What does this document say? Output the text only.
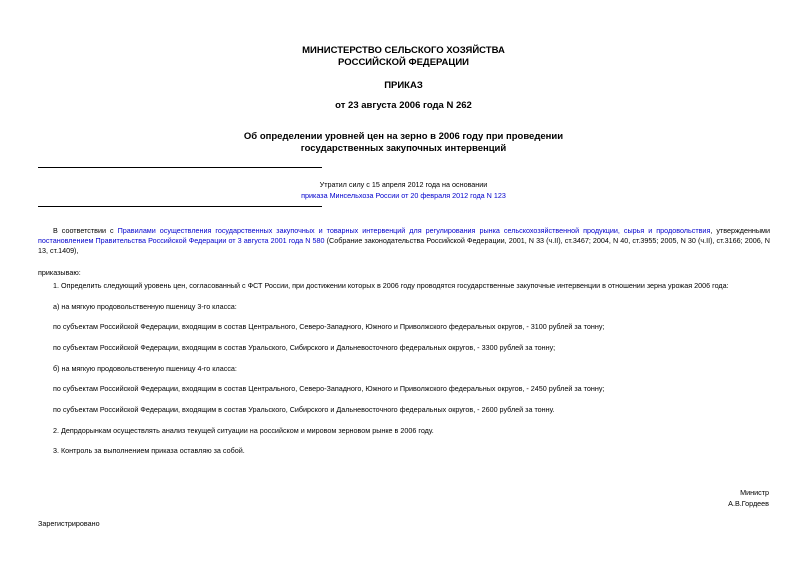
МИНИСТЕРСТВО СЕЛЬСКОГО ХОЗЯЙСТВА
РОССИЙСКОЙ ФЕДЕРАЦИИ
ПРИКАЗ
от 23 августа 2006 года N 262
Об определении уровней цен на зерно в 2006 году при проведении
государственных закупочных интервенций
Утратил силу с 15 апреля 2012 года на основании
приказа Минсельхоза России от 20 февраля 2012 года N 123
В соответствии с Правилами осуществления государственных закупочных и товарных интервенций для регулирования рынка сельскохозяйственной продукции, сырья и продовольствия, утвержденными постановлением Правительства Российской Федерации от 3 августа 2001 года N 580 (Собрание законодательства Российской Федерации, 2001, N 33 (ч.II), ст.3467; 2004, N 40, ст.3955; 2005, N 30 (ч.II), ст.3166; 2006, N 13, ст.1409),
приказываю:
1. Определить следующий уровень цен, согласованный с ФСТ России, при достижении которых в 2006 году проводятся государственные закупочные интервенции в отношении зерна урожая 2006 года:
а) на мягкую продовольственную пшеницу 3-го класса:
по субъектам Российской Федерации, входящим в состав Центрального, Северо-Западного, Южного и Приволжского федеральных округов, - 3100 рублей за тонну;
по субъектам Российской Федерации, входящим в состав Уральского, Сибирского и Дальневосточного федеральных округов, - 3300 рублей за тонну;
б) на мягкую продовольственную пшеницу 4-го класса:
по субъектам Российской Федерации, входящим в состав Центрального, Северо-Западного, Южного и Приволжского федеральных округов, - 2450 рублей за тонну;
по субъектам Российской Федерации, входящим в состав Уральского, Сибирского и Дальневосточного федеральных округов, - 2600 рублей за тонну.
2. Депрдорынкам осуществлять анализ текущей ситуации на российском и мировом зерновом рынке в 2006 году.
3. Контроль за выполнением приказа оставляю за собой.
Министр
А.В.Гордеев
Зарегистрировано
